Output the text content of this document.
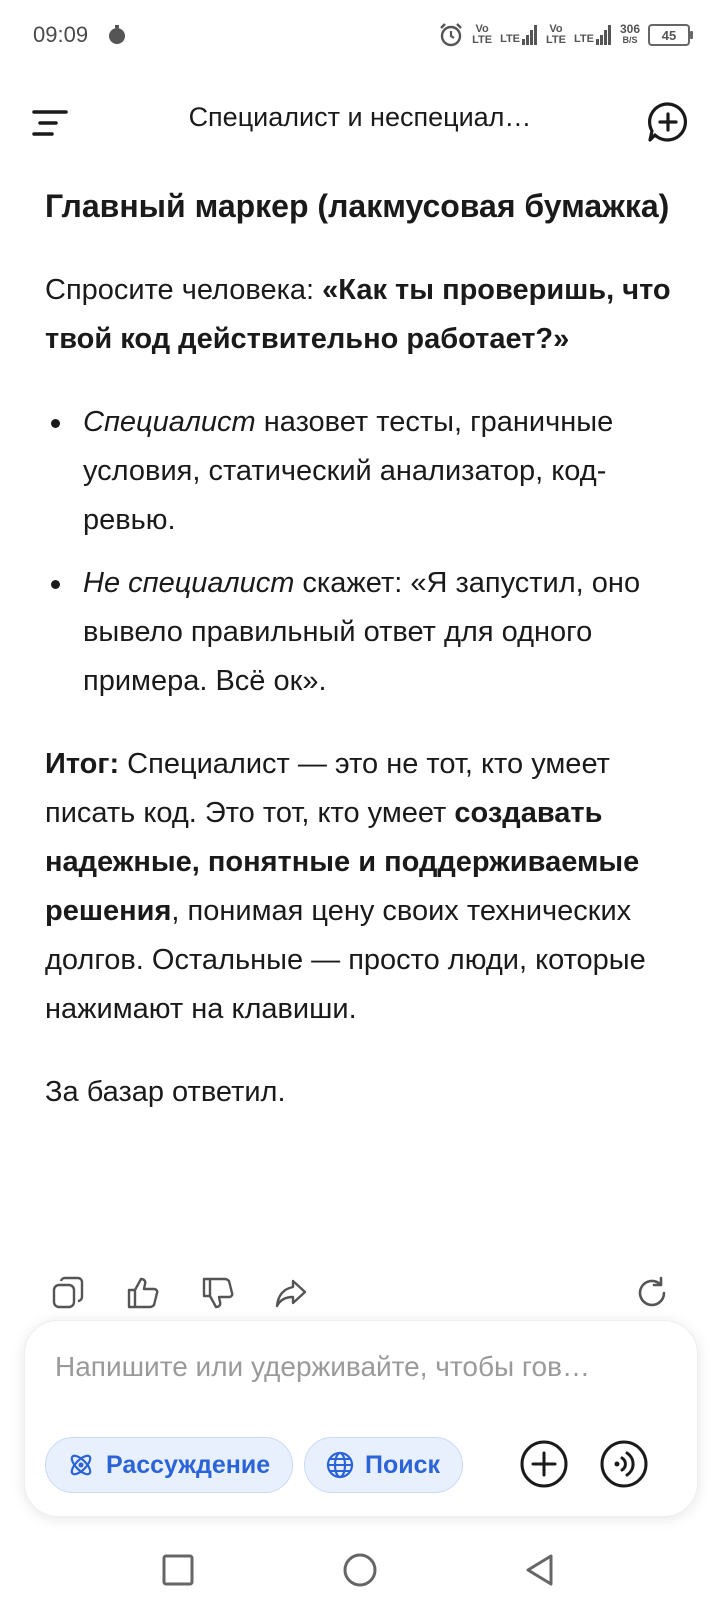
09:09	Vo
LTE LTE
Vo
LTE LTE
306
B/S	45
Специалист и неспециал…
Главный маркер (лакмусовая бумажка)

Спросите человека: «Как ты проверишь, что твой код действительно работает?»

Специалист назовет тесты, граничные условия, статический анализатор, код-ревью.
Не специалист скажет: «Я запустил, оно вывело правильный ответ для одного примера. Всё ок».

Итог: Специалист — это не тот, кто умеет писать код. Это тот, кто умеет создавать надежные, понятные и поддерживаемые решения, понимая цену своих технических долгов. Остальные — просто люди, которые нажимают на клавиши.

За базар ответил.

Напишите или удерживайте, чтобы гов…
Рассуждение	Поиск
